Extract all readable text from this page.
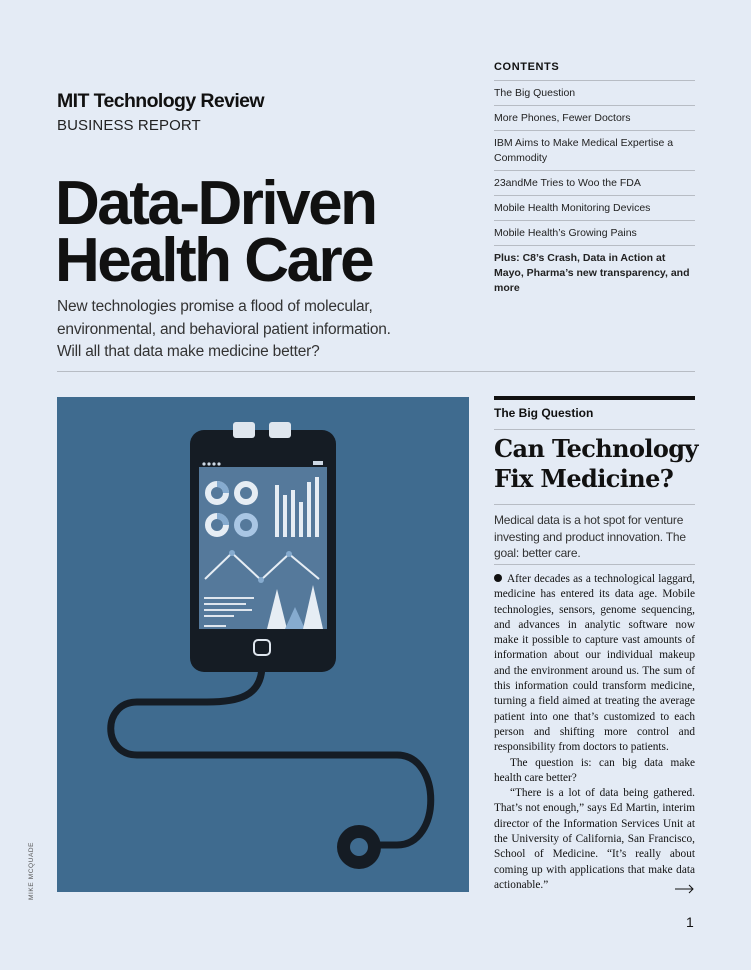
MIT Technology Review
BUSINESS REPORT
Data-Driven
Health Care
New technologies promise a flood of molecular, environmental, and behavioral patient information. Will all that data make medicine better?
CONTENTS
The Big Question
More Phones, Fewer Doctors
IBM Aims to Make Medical Expertise a Commodity
23andMe Tries to Woo the FDA
Mobile Health Monitoring Devices
Mobile Health’s Growing Pains
Plus: C8’s Crash, Data in Action at Mayo, Pharma’s new transparency, and more
MIKE MCQUADE
The Big Question
Can Technology
Fix Medicine?
Medical data is a hot spot for venture investing and product innovation. The goal: better care.

After decades as a technological laggard, medicine has entered its data age. Mobile technologies, sensors, genome sequencing, and advances in analytic software now make it possible to capture vast amounts of information about our individual makeup and the environment around us. The sum of this information could transform medicine, turning a field aimed at treating the average patient into one that’s customized to each person and shifting more control and responsibility from doctors to patients.

The question is: can big data make health care better?

“There is a lot of data being gathered. That’s not enough,” says Ed Martin, interim director of the Information Services Unit at the University of California, San Francisco, School of Medicine. “It’s really about coming up with applications that make data actionable.”

1
